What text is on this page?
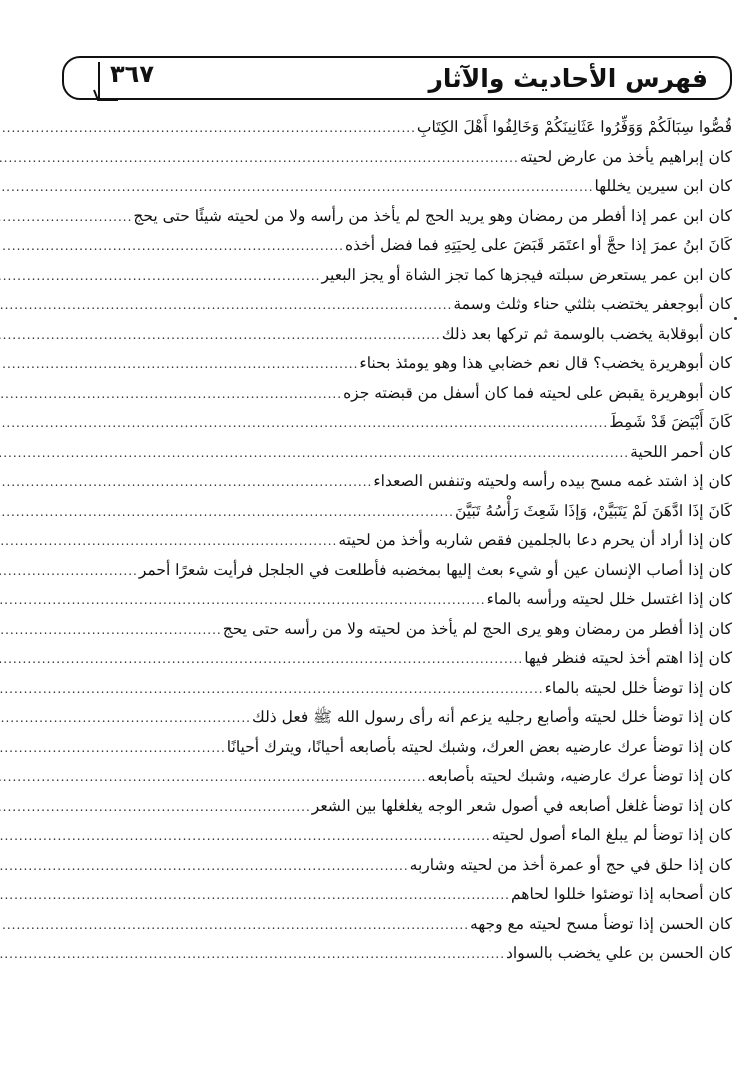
فهرس الأحاديث والآثار
٣٦٧
قُصُّوا سِبَالَكُمْ وَوَفِّرُوا عَثَانِينَكُمْ وَخَالِفُوا أَهْلَ الكِتَابِ
.....
كان إبراهيم يأخذ من عارض لحيته
.....
كان ابن سيرين يخللها
.....
كان ابن عمر إذا أفطر من رمضان وهو يريد الحج لم يأخذ من رأسه ولا من لحيته شيئًا حتى يحج
.....
كَانَ ابنُ عمرَ إذا حجَّ أو اعتَمَر قَبَضَ على لِحيَتِهِ فما فضل أخذه
.....
كان ابن عمر يستعرض سبلته فيجزها كما تجز الشاة أو يجز البعير
.....
كان أبوجعفر يختضب بثلثي حناء وثلث وسمة
.....
كان أبوقلابة يخضب بالوسمة ثم تركها بعد ذلك
.....
كان أبوهريرة يخضب؟ قال نعم خضابي هذا وهو يومئذ بحناء
.....
كان أبوهريرة يقبض على لحيته فما كان أسفل من قبضته جزه
.....
كَانَ أَبْيَضَ قَدْ شَمِطَ
.....
كان أحمر اللحية
.....
كان إذ اشتد غمه مسح بيده رأسه ولحيته وتنفس الصعداء
.....
كَانَ إذَا ادَّهَنَ لَمْ يَتَبَيَّنْ، وَإذَا شَعِثَ رَأْسُهُ تَبَيَّنَ
.....
كان إذا أراد أن يحرم دعا بالجلمين فقص شاربه وأخذ من لحيته
.....
كان إذا أصاب الإنسان عين أو شيء بعث إليها بمخضبه فأطلعت في الجلجل فرأيت شعرًا أحمر
.....
كان إذا اغتسل خلل لحيته ورأسه بالماء
.....
كان إذا أفطر من رمضان وهو يرى الحج لم يأخذ من لحيته ولا من رأسه حتى يحج
.....
كان إذا اهتم أخذ لحيته فنظر فيها
.....
كان إذا توضأ خلل لحيته بالماء
.....
كان إذا توضأ خلل لحيته وأصابع رجليه يزعم أنه رأى رسول الله ﷺ فعل ذلك
.....
كان إذا توضأ عرك عارضيه بعض العرك، وشبك لحيته بأصابعه أحيانًا، ويترك أحيانًا
.....
كان إذا توضأ عرك عارضيه، وشبك لحيته بأصابعه
.....
كان إذا توضأ غلغل أصابعه في أصول شعر الوجه يغلغلها بين الشعر
.....
كان إذا توضأ لم يبلغ الماء أصول لحيته
.....
كان إذا حلق في حج أو عمرة أخذ من لحيته وشاربه
.....
كان أصحابه إذا توضئوا خللوا لحاهم
.....
كان الحسن إذا توضأ مسح لحيته مع وجهه
.....
كان الحسن بن علي يخضب بالسواد
.....
